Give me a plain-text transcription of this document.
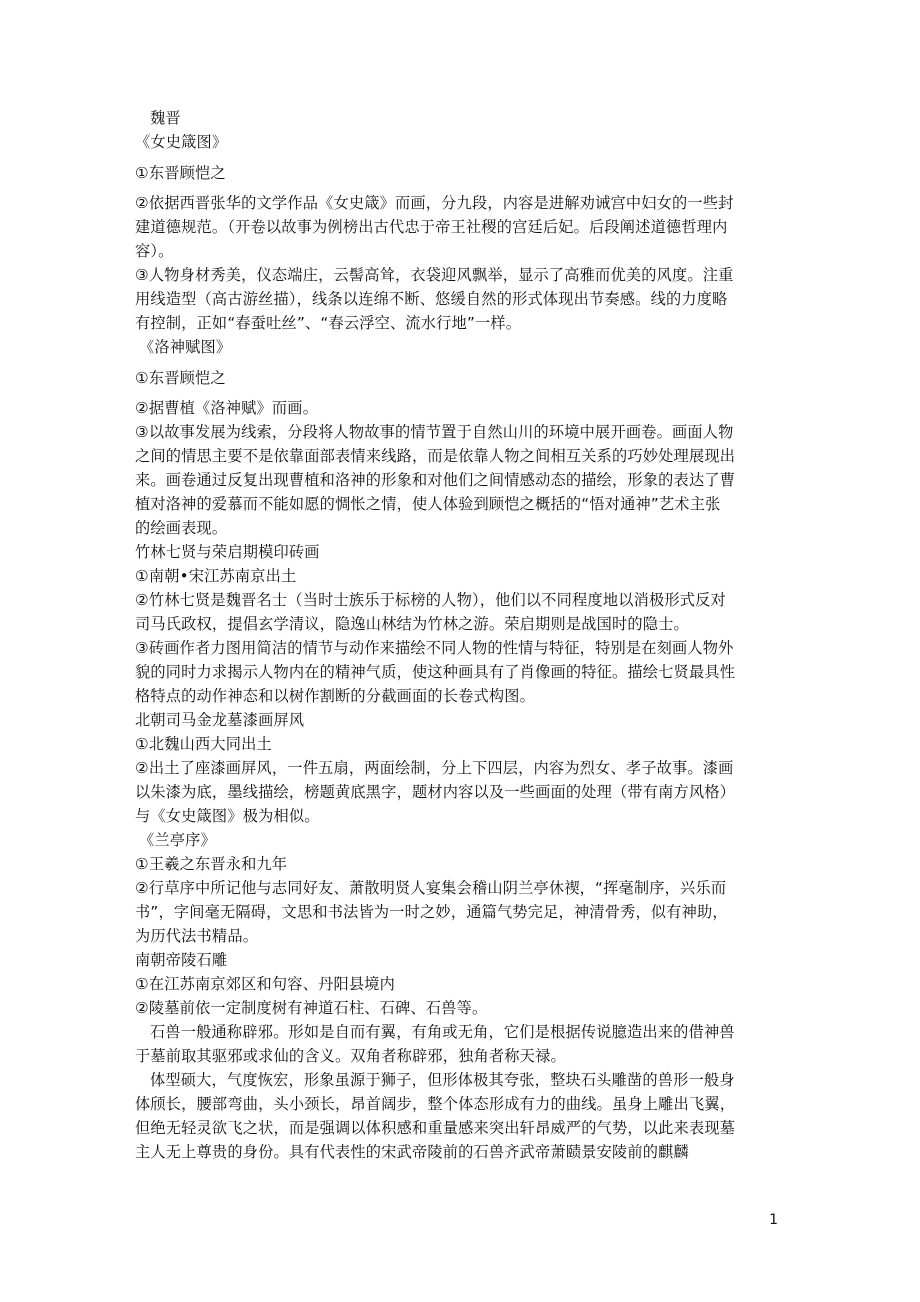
魏晋
《女史箴图》
①东晋顾恺之
②依据西晋张华的文学作品《女史箴》而画，分九段，内容是进解劝诫宫中妇女的一些封
建道德规范。（开卷以故事为例榜出古代忠于帝王社稷的宫廷后妃。后段阐述道德哲理内
容）。
③人物身材秀美，仪态端庄，云髻高耸，衣袋迎风飘举，显示了高雅而优美的风度。注重
用线造型（高古游丝描），线条以连绵不断、悠缓自然的形式体现出节奏感。线的力度略
有控制，正如“春蚕吐丝”、“春云浮空、流水行地”一样。
《洛神赋图》
①东晋顾恺之
②据曹植《洛神赋》而画。
③以故事发展为线索，分段将人物故事的情节置于自然山川的环境中展开画卷。画面人物
之间的情思主要不是依靠面部表情来线路，而是依靠人物之间相互关系的巧妙处理展现出
来。画卷通过反复出现曹植和洛神的形象和对他们之间情感动态的描绘，形象的表达了曹
植对洛神的爱慕而不能如愿的惆怅之情，使人体验到顾恺之概括的“悟对通神”艺术主张
的绘画表现。
竹林七贤与荣启期模印砖画
①南朝•宋江苏南京出土
②竹林七贤是魏晋名士（当时士族乐于标榜的人物），他们以不同程度地以消极形式反对
司马氏政权，提倡玄学清议，隐逸山林结为竹林之游。荣启期则是战国时的隐士。
③砖画作者力图用简洁的情节与动作来描绘不同人物的性情与特征，特别是在刻画人物外
貌的同时力求揭示人物内在的精神气质，使这种画具有了肖像画的特征。描绘七贤最具性
格特点的动作神态和以树作割断的分截画面的长卷式构图。
北朝司马金龙墓漆画屏风
①北魏山西大同出土
②出土了座漆画屏风，一件五扇，两面绘制，分上下四层，内容为烈女、孝子故事。漆画
以朱漆为底，墨线描绘，榜题黄底黑字，题材内容以及一些画面的处理（带有南方风格）
与《女史箴图》极为相似。
《兰亭序》
①王羲之东晋永和九年
②行草序中所记他与志同好友、萧散明贤人宴集会稽山阴兰亭休禊，“挥毫制序，兴乐而
书”，字间毫无隔碍，文思和书法皆为一时之妙，通篇气势完足，神清骨秀，似有神助，
为历代法书精品。
南朝帝陵石雕
①在江苏南京郊区和句容、丹阳县境内
②陵墓前依一定制度树有神道石柱、石碑、石兽等。
石兽一般通称辟邪。形如是自而有翼，有角或无角，它们是根据传说臆造出来的借神兽
于墓前取其驱邪或求仙的含义。双角者称辟邪，独角者称天禄。
体型硕大，气度恢宏，形象虽源于狮子，但形体极其夸张，整块石头雕凿的兽形一般身
体颀长，腰部弯曲，头小颈长，昂首阔步，整个体态形成有力的曲线。虽身上雕出飞翼，
但绝无轻灵欲飞之状，而是强调以体积感和重量感来突出轩昂威严的气势，以此来表现墓
主人无上尊贵的身份。具有代表性的宋武帝陵前的石兽齐武帝萧赜景安陵前的麒麟
1
